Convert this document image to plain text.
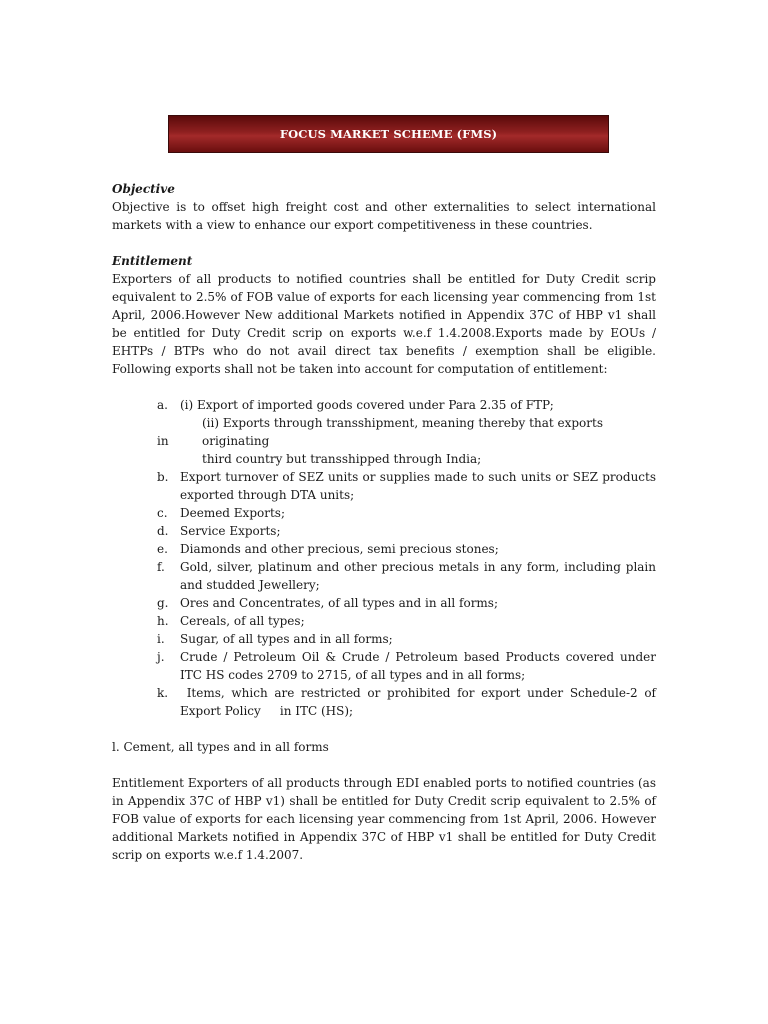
FOCUS MARKET SCHEME (FMS)

Objective

Objective is to offset high freight cost and other externalities to select international markets with a view to enhance our export competitiveness in these countries.

Entitlement

Exporters of all products to notified countries shall be entitled for Duty Credit scrip equivalent to 2.5% of FOB value of exports for each licensing year commencing from 1st April, 2006.However New additional Markets notified in Appendix 37C of HBP v1 shall be entitled for Duty Credit scrip on exports w.e.f 1.4.2008.Exports made by EOUs / EHTPs / BTPs who do not avail direct tax benefits / exemption shall be eligible. Following exports shall not be taken into account for computation of entitlement:

a. (i) Export of imported goods covered under Para 2.35 of FTP;
(ii) Exports through transshipment, meaning thereby that exports originating
in
third country but transshipped through India;
b. Export turnover of SEZ units or supplies made to such units or SEZ products exported through DTA units;

c. Deemed Exports;

d. Service Exports;

e. Diamonds and other precious, semi precious stones;

f. Gold, silver, platinum and other precious metals in any form, including plain and studded Jewellery;

g. Ores and Concentrates, of all types and in all forms;

h. Cereals, of all types;

i. Sugar, of all types and in all forms;

j. Crude / Petroleum Oil & Crude / Petroleum based Products covered under ITC HS codes 2709 to 2715, of all types and in all forms;

k. Items, which are restricted or prohibited for export under Schedule-2 of Export Policy     in ITC (HS);

l. Cement, all types and in all forms

Entitlement Exporters of all products through EDI enabled ports to notified countries (as in Appendix 37C of HBP v1) shall be entitled for Duty Credit scrip equivalent to 2.5% of FOB value of exports for each licensing year commencing from 1st April, 2006. However additional Markets notified in Appendix 37C of HBP v1 shall be entitled for Duty Credit scrip on exports w.e.f 1.4.2007.
